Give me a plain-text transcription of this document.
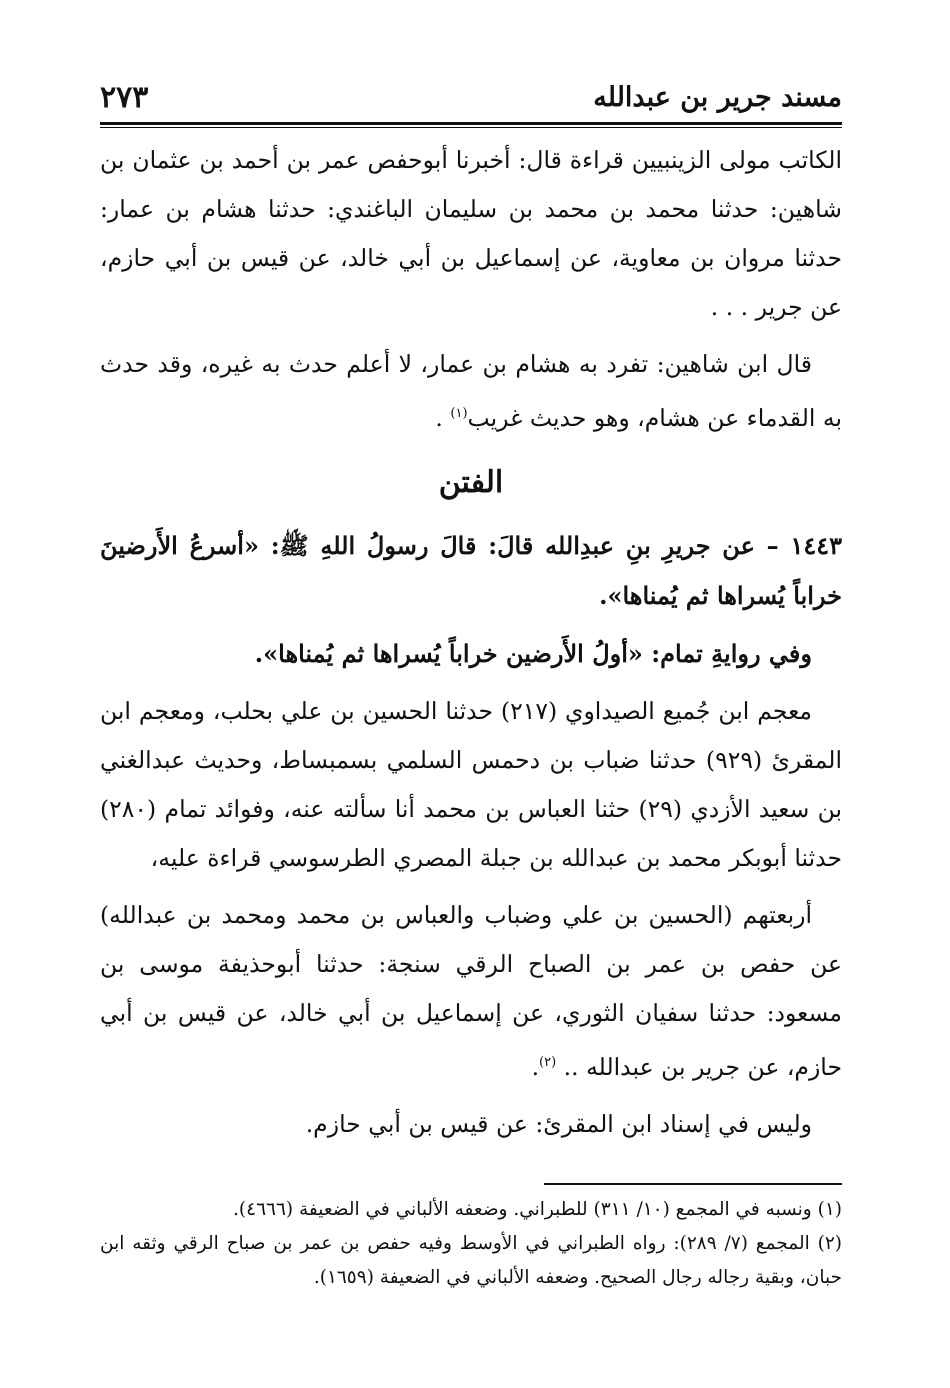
مسند جرير بن عبدالله
٢٧٣

الكاتب مولى الزينبيين قراءة قال: أخبرنا أبوحفص عمر بن أحمد بن عثمان بن شاهين: حدثنا محمد بن محمد بن سليمان الباغندي: حدثنا هشام بن عمار: حدثنا مروان بن معاوية، عن إسماعيل بن أبي خالد، عن قيس بن أبي حازم، عن جرير . . .

قال ابن شاهين: تفرد به هشام بن عمار، لا أعلم حدث به غيره، وقد حدث به القدماء عن هشام، وهو حديث غريب$^{(١)}$ .

الفتن

١٤٤٣ – عن جريرِ بنِ عبدِالله قالَ: قالَ رسولُ اللهِ ﷺ: «أسرعُ الأَرضينَ خراباً يُسراها ثم يُمناها».

وفي روايةِ تمام: «أولُ الأَرضين خراباً يُسراها ثم يُمناها».

معجم ابن جُميع الصيداوي (٢١٧) حدثنا الحسين بن علي بحلب، ومعجم ابن المقرئ (٩٢٩) حدثنا ضباب بن دحمس السلمي بسمبساط، وحديث عبدالغني بن سعيد الأزدي (٢٩) حثنا العباس بن محمد أنا سألته عنه، وفوائد تمام (٢٨٠) حدثنا أبوبكر محمد بن عبدالله بن جبلة المصري الطرسوسي قراءة عليه،

أربعتهم (الحسين بن علي وضباب والعباس بن محمد ومحمد بن عبدالله) عن حفص بن عمر بن الصباح الرقي سنجة: حدثنا أبوحذيفة موسى بن مسعود: حدثنا سفيان الثوري، عن إسماعيل بن أبي خالد، عن قيس بن أبي حازم، عن جرير بن عبدالله .. $^{(٢)}$.

وليس في إسناد ابن المقرئ: عن قيس بن أبي حازم.

(١) ونسبه في المجمع (١٠/ ٣١١) للطبراني. وضعفه الألباني في الضعيفة (٤٦٦٦).

(٢) المجمع (٧/ ٢٨٩): رواه الطبراني في الأوسط وفيه حفص بن عمر بن صباح الرقي وثقه ابن حبان، وبقية رجاله رجال الصحيح. وضعفه الألباني في الضعيفة (١٦٥٩).
